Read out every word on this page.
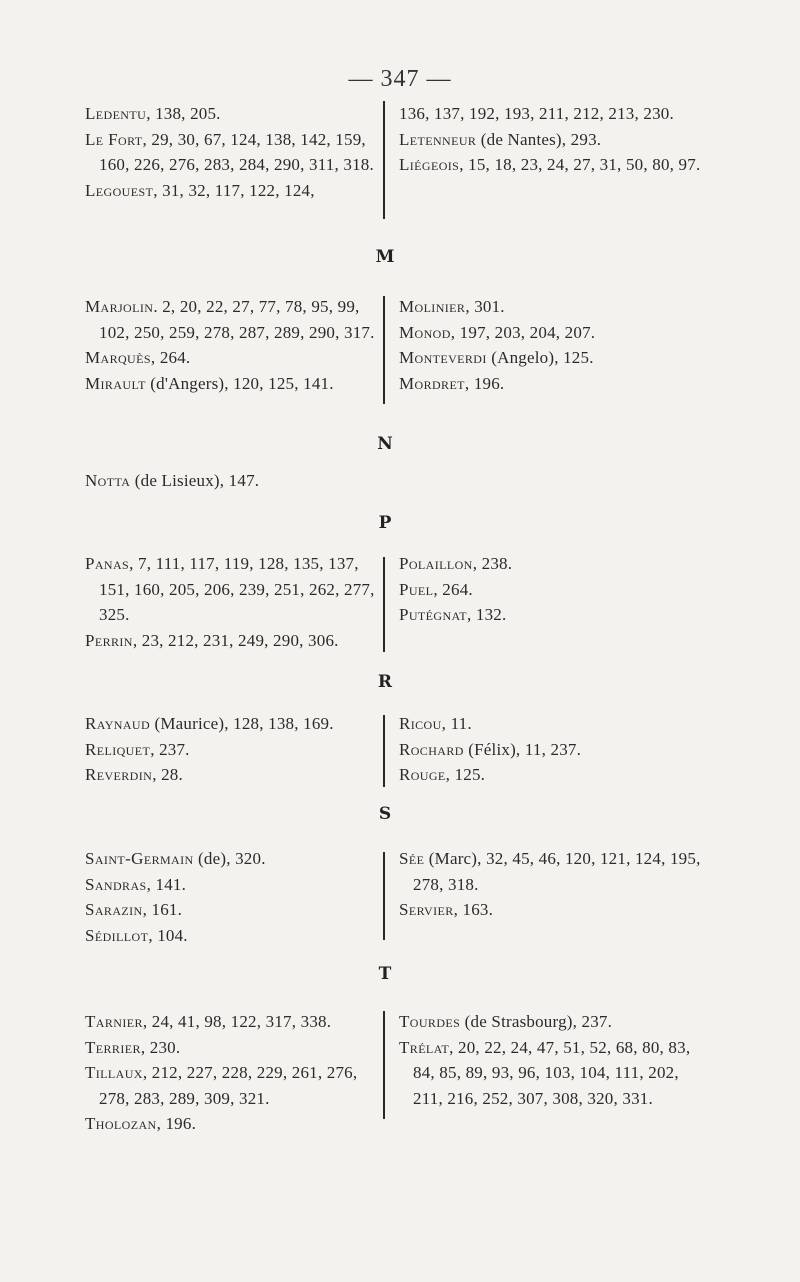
— 347 —

Ledentu, 138, 205.

Le Fort, 29, 30, 67, 124, 138, 142, 159, 160, 226, 276, 283, 284, 290, 311, 318.

Legouest, 31, 32, 117, 122, 124,

136, 137, 192, 193, 211, 212, 213, 230.

Letenneur (de Nantes), 293.

Liégeois, 15, 18, 23, 24, 27, 31, 50, 80, 97.

M

Marjolin. 2, 20, 22, 27, 77, 78, 95, 99, 102, 250, 259, 278, 287, 289, 290, 317.

Marquès, 264.

Mirault (d'Angers), 120, 125, 141.

Molinier, 301.

Monod, 197, 203, 204, 207.

Monteverdi (Angelo), 125.

Mordret, 196.

N

Notta (de Lisieux), 147.

P

Panas, 7, 111, 117, 119, 128, 135, 137, 151, 160, 205, 206, 239, 251, 262, 277, 325.

Perrin, 23, 212, 231, 249, 290, 306.

Polaillon, 238.

Puel, 264.

Putégnat, 132.

R

Raynaud (Maurice), 128, 138, 169.

Reliquet, 237.

Reverdin, 28.

Ricou, 11.

Rochard (Félix), 11, 237.

Rouge, 125.

S

Saint-Germain (de), 320.

Sandras, 141.

Sarazin, 161.

Sédillot, 104.

Sée (Marc), 32, 45, 46, 120, 121, 124, 195, 278, 318.

Servier, 163.

T

Tarnier, 24, 41, 98, 122, 317, 338.

Terrier, 230.

Tillaux, 212, 227, 228, 229, 261, 276, 278, 283, 289, 309, 321.

Tholozan, 196.

Tourdes (de Strasbourg), 237.

Trélat, 20, 22, 24, 47, 51, 52, 68, 80, 83, 84, 85, 89, 93, 96, 103, 104, 111, 202, 211, 216, 252, 307, 308, 320, 331.
